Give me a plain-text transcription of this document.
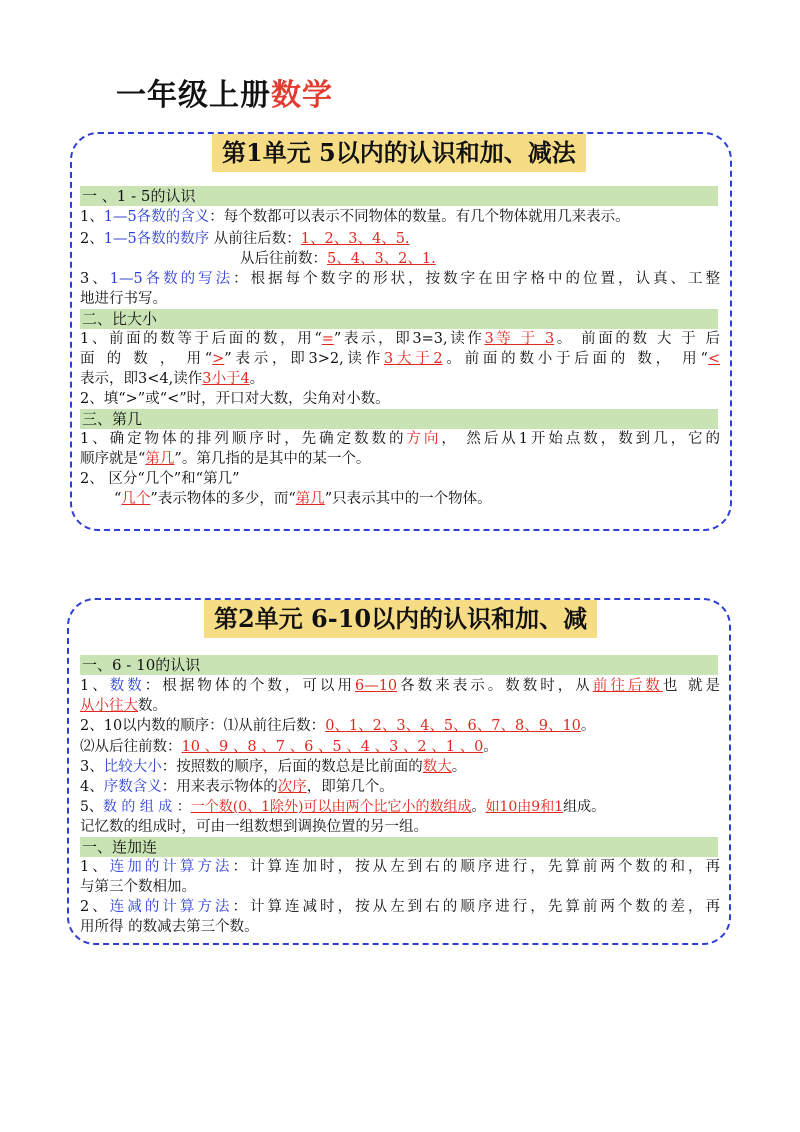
一年级上册数学
第1单元 5以内的认识和加、减法
一 、1 - 5的认识
1、1—5各数的含义：每个数都可以表示不同物体的数量。有几个物体就用几来表示。
2、1—5各数的数序 从前往后数：1、2、3、4、5.
从后往前数：5、4、3、2、1.
3、1—5各数的写法：根据每个数字的形状，按数字在田字格中的位置，认真、工整
地进行书写。
二、比大小
1、前面的数等于后面的数，用“=”表示，即3=3,读作3等 于 3。 前面的数 大 于 后
面 的 数 ， 用“>”表示，即3>2,读作3大于2。前面的数小于后面的 数， 用“<
表示，即3<4,读作3小于4。
2、填“>”或“<”时，开口对大数，尖角对小数。
三、第几
1、确定物体的排列顺序时，先确定数数的方向， 然后从1开始点数，数到几，它的
顺序就是“第几”。第几指的是其中的某一个。
2、 区分“几个”和“第几”
“几个”表示物体的多少，而“第几”只表示其中的一个物体。
第2单元 6-10以内的认识和加、减
一、6 - 10的认识
1、数数：根据物体的个数，可以用6—10各数来表示。数数时，从前往后数也 就是
从小往大数。
2、10以内数的顺序：⑴从前往后数：0、1、2、3、4、5、6、7、8、9、10。
⑵从后往前数：10 、9 、8 、7 、6 、5 、4 、3 、2 、1 、0。
3、比较大小：按照数的顺序，后面的数总是比前面的数大。
4、序数含义：用来表示物体的次序，即第几个。
5、数 的 组 成 ：一个数(0、1除外)可以由两个比它小的数组成。如10由9和1组成。
记忆数的组成时，可由一组数想到调换位置的另一组。
一、连加连
1、连加的计算方法：计算连加时，按从左到右的顺序进行，先算前两个数的和，再
与第三个数相加。
2、连减的计算方法：计算连减时，按从左到右的顺序进行，先算前两个数的差，再
用所得 的数减去第三个数。
